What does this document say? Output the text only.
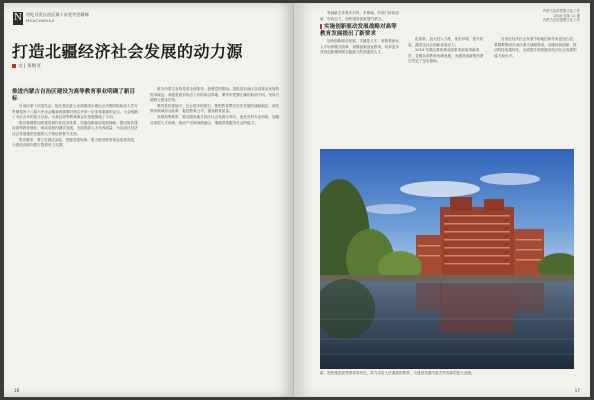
N 世纪寻发自治区第十次党代会精神
MGXCXWHGZ
打造北疆经济社会发展的动力源
文 | 朱炳文
推进内蒙古自治区建设为高等教育事业明确了新目标

自治区第十次党代会，是在我区进入全面建成小康社会决胜阶段和深入学习贯彻党的十八届六中全会精神的重要时刻召开的一次非常重要的会议。大会明确了今后五年的奋斗目标，为我区高等教育事业的发展指明了方向。

报告强调要加快建设现代化经济体系，实施创新驱动发展战略，提出加快建设高等教育强区，推动高校内涵式发展，全面提高人才培养质量，为自治区经济社会发展提供坚强的人才保证和智力支持。

报告重申，要立足我区实际，把握发展规律，着力推进教育事业改革发展，为建设亮丽内蒙古提供有力支撑。

报告内蒙古坚持党的全面领导，加强党的建设，是推进自治区各项事业发展的根本保证。高校是意识形态工作的前沿阵地，要牢牢把握正确的政治方向，坚持立德树人根本任务。

教育是民族振兴、社会进步的基石，要把教育摆在优先发展的战略地位，深化教育领域综合改革，促进教育公平，提高教育质量。

发展高等教育，要以服务地方经济社会发展为导向，优化学科专业结构，加强应用型人才培养，推动产学研深度融合，增强高校服务社会的能力。

16
内蒙古宣传思想文化工作
2016 年第 12 期
内蒙古宣传思想文化工作

等创新主体要多学科、多领域、多部门协同创新，形成合力，加快建设创新型内蒙古。

实施创新驱动发展战略对高等教育发展提出了新要求

加快创新驱动发展，关键是人才。高校要深化人才培养模式改革，加强创新创业教育，培养更多具有创新精神和实践能力的高素质人才。

化改革，加大投入力度，优化环境，提升质量，激发全社会创新创造活力。

2016 年我区教育事业改革发展取得新成效，各级各类教育协调发展，为建设创新型内蒙古奠定了坚实基础。

自治区经济社会发展中的地位和作用更加凸显，要紧紧围绕自治区重大战略需求，加强协同创新，推动科技成果转化，全面提升高校服务经济社会发展的能力和水平。

新，加快推进高等教育现代化，努力办好人民满意的教育，为建设亮丽内蒙古作出新的更大贡献。
17
